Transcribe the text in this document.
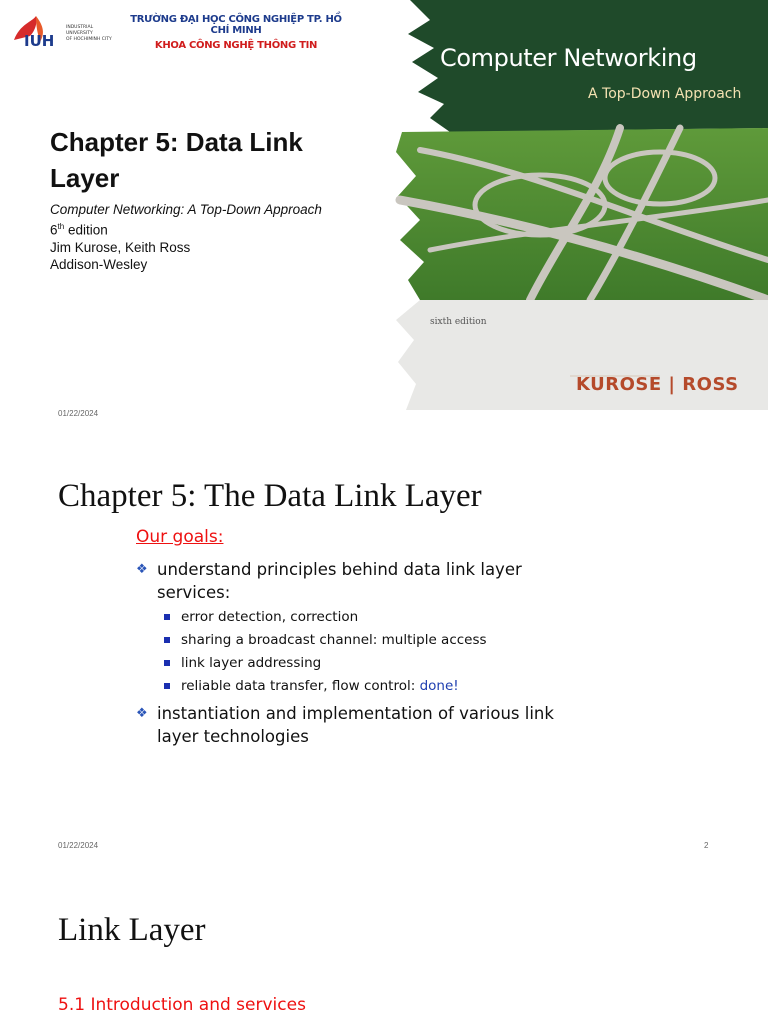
IUH
INDUSTRIAL
UNIVERSITY
OF HOCHIMINH CITY
TRƯỜNG ĐẠI HỌC CÔNG NGHIỆP TP. HỒ CHÍ MINH
KHOA CÔNG NGHỆ THÔNG TIN
Chapter 5: Data Link Layer
Computer Networking: A Top-Down Approach
6th edition
Jim Kurose, Keith Ross
Addison-Wesley
01/22/2024
Computer Networking
A Top-Down Approach
sixth edition
KUROSE | ROSS
Chapter 5: The Data Link Layer
Our goals:
❖ understand principles behind data link layer services:
error detection, correction
sharing a broadcast channel: multiple access
link layer addressing
reliable data transfer, flow control: done!
❖ instantiation and implementation of various link layer technologies
01/22/2024	2
Link Layer
5.1 Introduction and services
